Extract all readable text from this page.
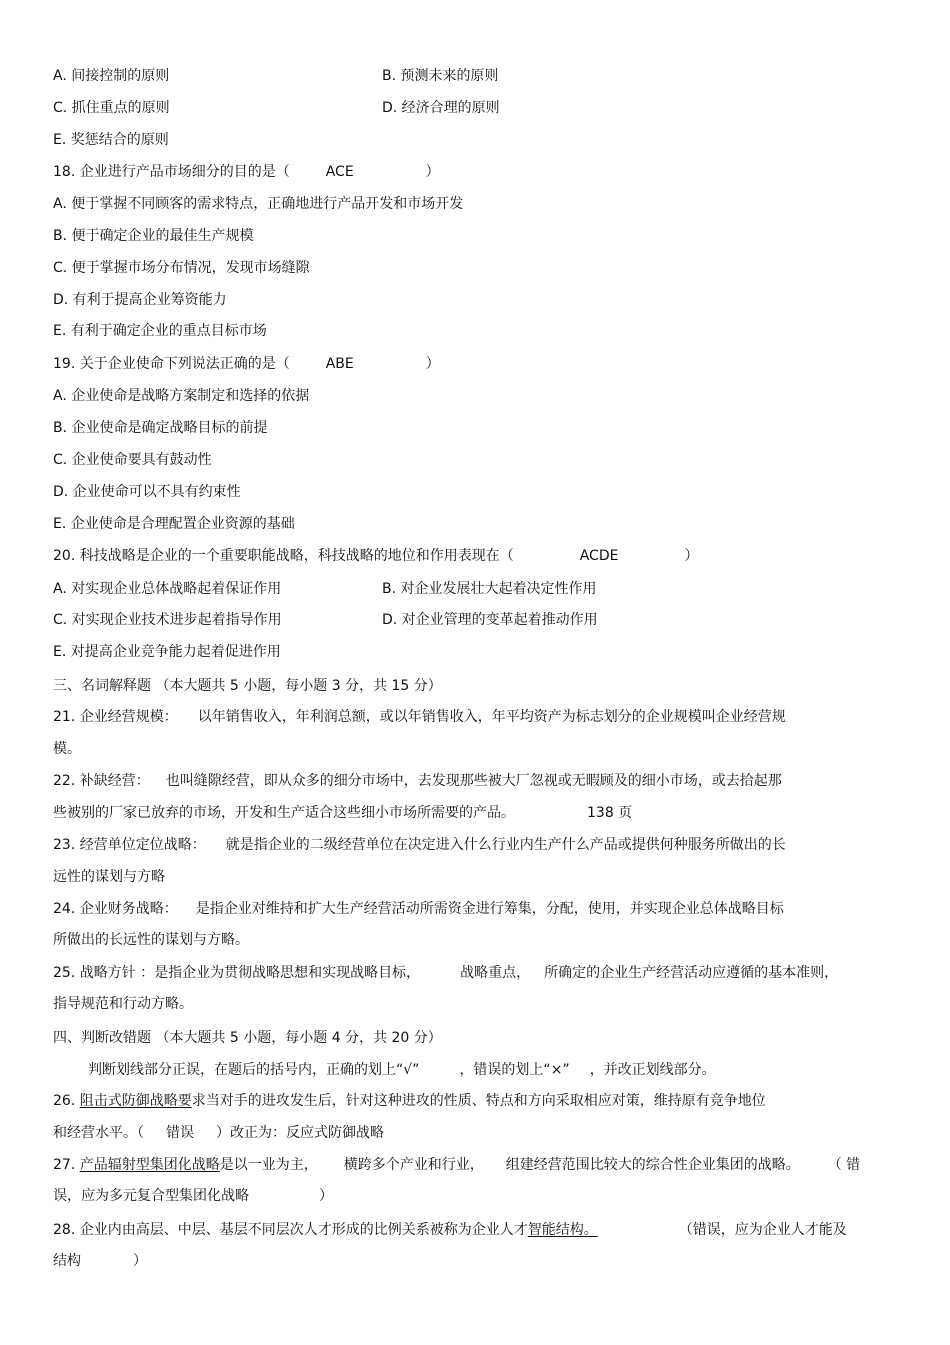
A. 间接控制的原则	B. 预测未来的原则
C. 抓住重点的原则	D. 经济合理的原则
E. 奖惩结合的原则
18. 企业进行产品市场细分的目的是（	ACE	）
A. 便于掌握不同顾客的需求特点，正确地进行产品开发和市场开发
B. 便于确定企业的最佳生产规模
C. 便于掌握市场分布情况，发现市场缝隙
D. 有利于提高企业筹资能力
E. 有利于确定企业的重点目标市场
19. 关于企业使命下列说法正确的是（	ABE	）
A. 企业使命是战略方案制定和选择的依据
B. 企业使命是确定战略目标的前提
C. 企业使命要具有鼓动性
D. 企业使命可以不具有约束性
E. 企业使命是合理配置企业资源的基础
20. 科技战略是企业的一个重要职能战略，科技战略的地位和作用表现在（	ACDE	）
A. 对实现企业总体战略起着保证作用	B. 对企业发展壮大起着决定性作用
C. 对实现企业技术进步起着指导作用	D. 对企业管理的变革起着推动作用
E. 对提高企业竞争能力起着促进作用
三、名词解释题 （本大题共 5 小题，每小题 3 分，共 15 分）
21. 企业经营规模： 以年销售收入，年利润总额，或以年销售收入，年平均资产为标志划分的企业规模叫企业经营规
模。
22. 补缺经营： 也叫缝隙经营，即从众多的细分市场中，去发现那些被大厂忽视或无暇顾及的细小市场，或去拾起那
些被别的厂家已放弃的市场，开发和生产适合这些细小市场所需要的产品。	138 页
23. 经营单位定位战略： 就是指企业的二级经营单位在决定进入什么行业内生产什么产品或提供何种服务所做出的长
远性的谋划与方略
24. 企业财务战略： 是指企业对维持和扩大生产经营活动所需资金进行筹集，分配，使用，并实现企业总体战略目标
所做出的长远性的谋划与方略。
25. 战略方针 ：是指企业为贯彻战略思想和实现战略目标，	战略重点， 所确定的企业生产经营活动应遵循的基本准则，
指导规范和行动方略。
四、判断改错题 （本大题共 5 小题，每小题 4 分，共 20 分）
判断划线部分正误，在题后的括号内，正确的划上“√”	，错误的划上“×” ，并改正划线部分。
26. 阻击式防御战略要求当对手的进攻发生后，针对这种进攻的性质、特点和方向采取相应对策，维持原有竞争地位
和经营水平。（ 错误 ）改正为：反应式防御战略
27. 产品辐射型集团化战略是以一业为主， 横跨多个产业和行业， 组建经营范围比较大的综合性企业集团的战略。 （ 错
误，应为多元复合型集团化战略	）
28. 企业内由高层、中层、基层不同层次人才形成的比例关系被称为企业人才智能结构。	（错误，应为企业人才能及
结构	）
